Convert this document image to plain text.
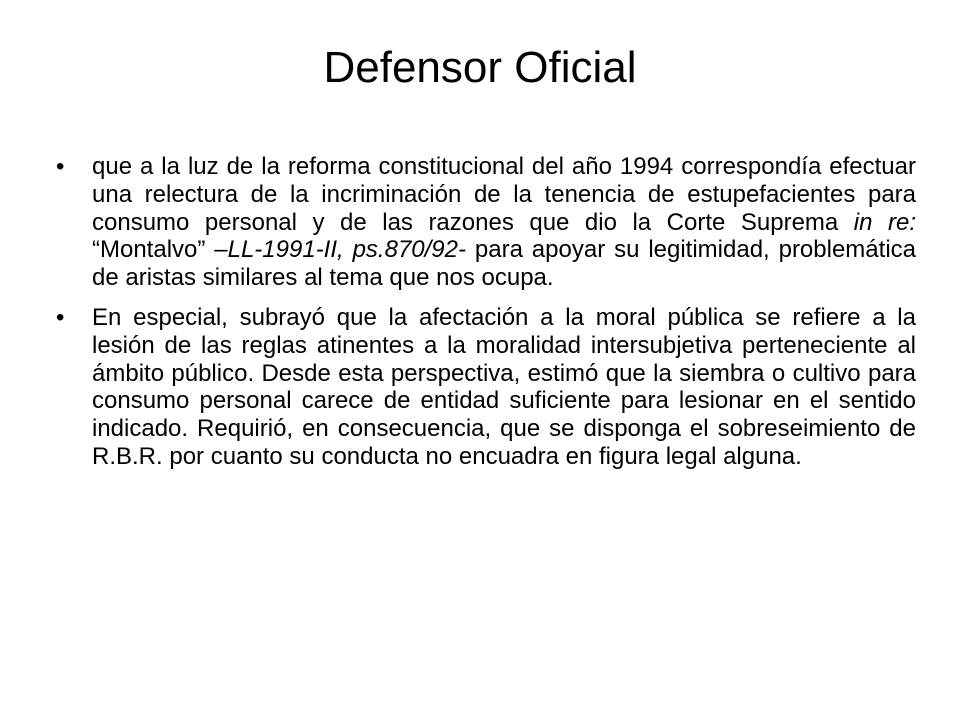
Defensor Oficial
•	que a la luz de la reforma constitucional del año 1994 correspondía efectuar una relectura de la incriminación de la tenencia de estupefacientes para consumo personal y de las razones que dio la Corte Suprema in re: “Montalvo” –LL-1991-II, ps.870/92- para apoyar su legitimidad, problemática de aristas similares al tema que nos ocupa.
•	En especial, subrayó que la afectación a la moral pública se refiere a la lesión de las reglas atinentes a la moralidad intersubjetiva perteneciente al ámbito público. Desde esta perspectiva, estimó que la siembra o cultivo para consumo personal carece de entidad suficiente para lesionar en el sentido indicado. Requirió, en consecuencia, que se disponga el sobreseimiento de R.B.R. por cuanto su conducta no encuadra en figura legal alguna.
